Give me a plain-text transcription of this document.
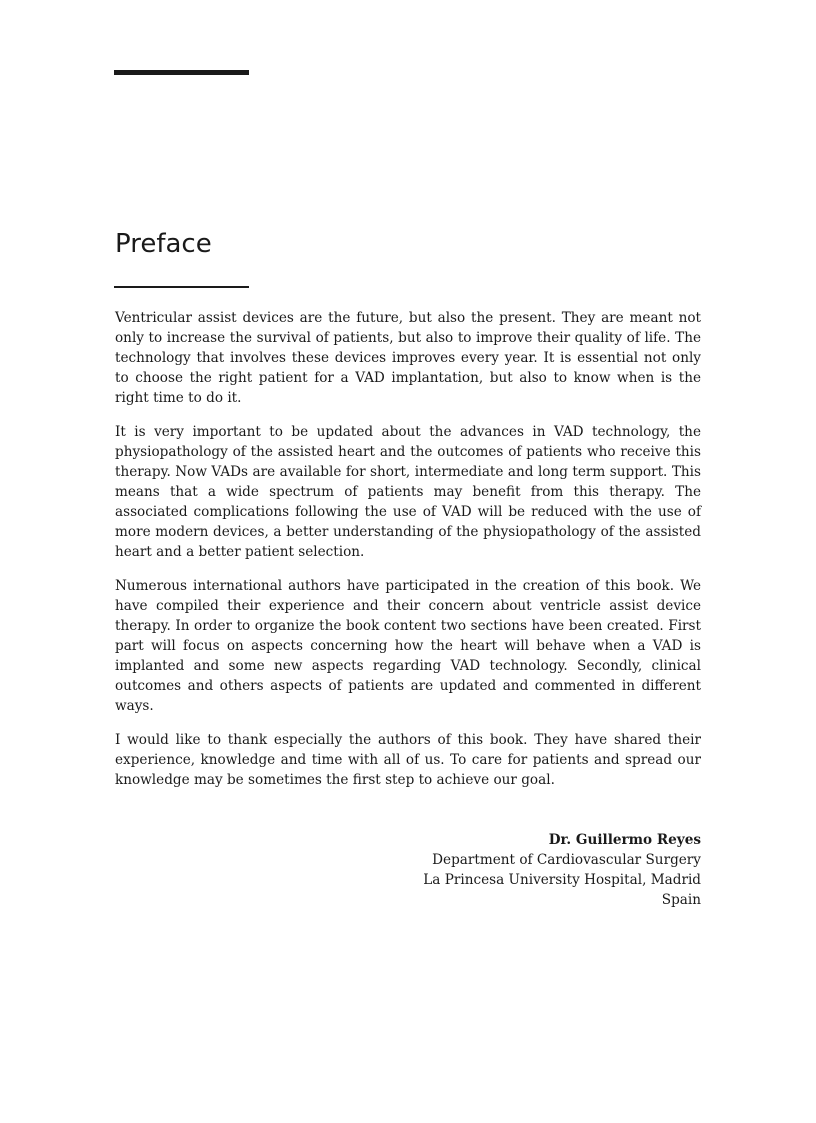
Preface

Ventricular assist devices are the future, but also the present. They are meant not only to increase the survival of patients, but also to improve their quality of life. The technology that involves these devices improves every year. It is essential not only to choose the right patient for a VAD implantation, but also to know when is the right time to do it.

It is very important to be updated about the advances in VAD technology, the physiopathology of the assisted heart and the outcomes of patients who receive this therapy. Now VADs are available for short, intermediate and long term support. This means that a wide spectrum of patients may benefit from this therapy. The associated complications following the use of VAD will be reduced with the use of more modern devices, a better understanding of the physiopathology of the assisted heart and a better patient selection.

Numerous international authors have participated in the creation of this book. We have compiled their experience and their concern about ventricle assist device therapy. In order to organize the book content two sections have been created. First part will focus on aspects concerning how the heart will behave when a VAD is implanted and some new aspects regarding VAD technology. Secondly, clinical outcomes and others aspects of patients are updated and commented in different ways.

I would like to thank especially the authors of this book. They have shared their experience, knowledge and time with all of us. To care for patients and spread our knowledge may be sometimes the first step to achieve our goal.

Dr. Guillermo Reyes
Department of Cardiovascular Surgery
La Princesa University Hospital, Madrid
Spain
